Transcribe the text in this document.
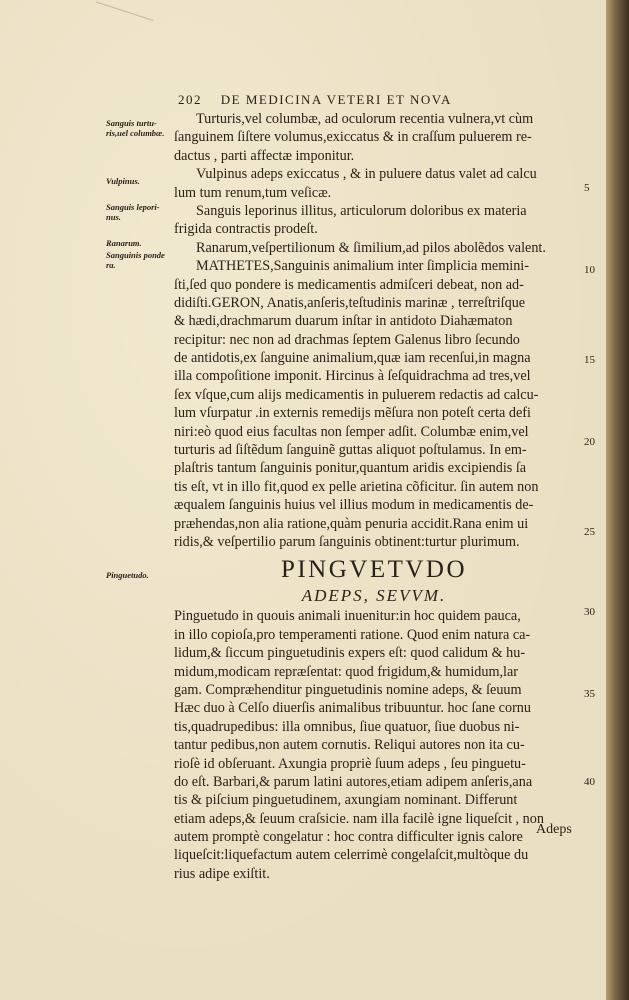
202 DE MEDICINA VETERI ET NOVA
Sanguis turtu-ris,uel columbæ.
Vulpinus.
Sanguis lepori-nus.
Ranarum.
Sanguinis ponde ra.
Pinguetudo.
5
10
15
20
25
30
35
40
Turturis,vel columbæ, ad oculorum recentia vulnera,vt cùm
ſanguinem ſiſtere volumus,exiccatus & in craſſum puluerem re-
dactus , parti affectæ imponitur.
Vulpinus adeps exiccatus , & in puluere datus valet ad calcu
lum tum renum,tum veſicæ.
Sanguis leporinus illitus, articulorum doloribus ex materia
frigida contractis prodeſt.
Ranarum,veſpertilionum & ſimilium,ad pilos abolẽdos valent.
MATHETES,Sanguinis animalium inter ſimplicia memini-
ſti,ſed quo pondere is medicamentis admiſceri debeat, non ad-
didiſti.GERON, Anatis,anſeris,teſtudinis marinæ , terreſtriſque
& hædi,drachmarum duarum inſtar in antidoto Diahæmaton
recipitur: nec non ad drachmas ſeptem Galenus libro ſecundo
de antidotis,ex ſanguine animalium,quæ iam recenſui,in magna
illa compoſitione imponit. Hircinus à ſeſquidrachma ad tres,vel
ſex vſque,cum alijs medicamentis in puluerem redactis ad calcu-
lum vſurpatur .in externis remedijs mẽſura non poteſt certa defi
niri:eò quod eius facultas non ſemper adſit. Columbæ enim,vel
turturis ad ſiſtẽdum ſanguinẽ guttas aliquot poſtulamus. In em-
plaſtris tantum ſanguinis ponitur,quantum aridis excipiendis ſa
tis eſt, vt in illo fit,quod ex pelle arietina cõficitur. ſin autem non
æqualem ſanguinis huius vel illius modum in medicamentis de-
præhendas,non alia ratione,quàm penuria accidit.Rana enim ui
ridis,& veſpertilio parum ſanguinis obtinent:turtur plurimum.
PINGVETVDO
ADEPS, SEVVM.
Pinguetudo in quouis animali inuenitur:in hoc quidem pauca,
in illo copioſa,pro temperamenti ratione. Quod enim natura ca-
lidum,& ſiccum pinguetudinis expers eſt: quod calidum & hu-
midum,modicam repræſentat: quod frigidum,& humidum,lar
gam. Compræhenditur pinguetudinis nomine adeps, & ſeuum
Hæc duo à Celſo diuerſis animalibus tribuuntur. hoc ſane cornu
tis,quadrupedibus: illa omnibus, ſiue quatuor, ſiue duobus ni-
tantur pedibus,non autem cornutis. Reliqui autores non ita cu-
rioſè id obſeruant. Axungia propriè ſuum adeps , ſeu pinguetu-
do eſt. Barbari,& parum latini autores,etiam adipem anſeris,ana
tis & piſcium pinguetudinem, axungiam nominant. Differunt
etiam adeps,& ſeuum craſsicie. nam illa facilè igne liqueſcit , non
autem promptè congelatur : hoc contra difficulter ignis calore
liqueſcit:liquefactum autem celerrimè congelaſcit,multòque du
rius adipe exiſtit.
Adeps
